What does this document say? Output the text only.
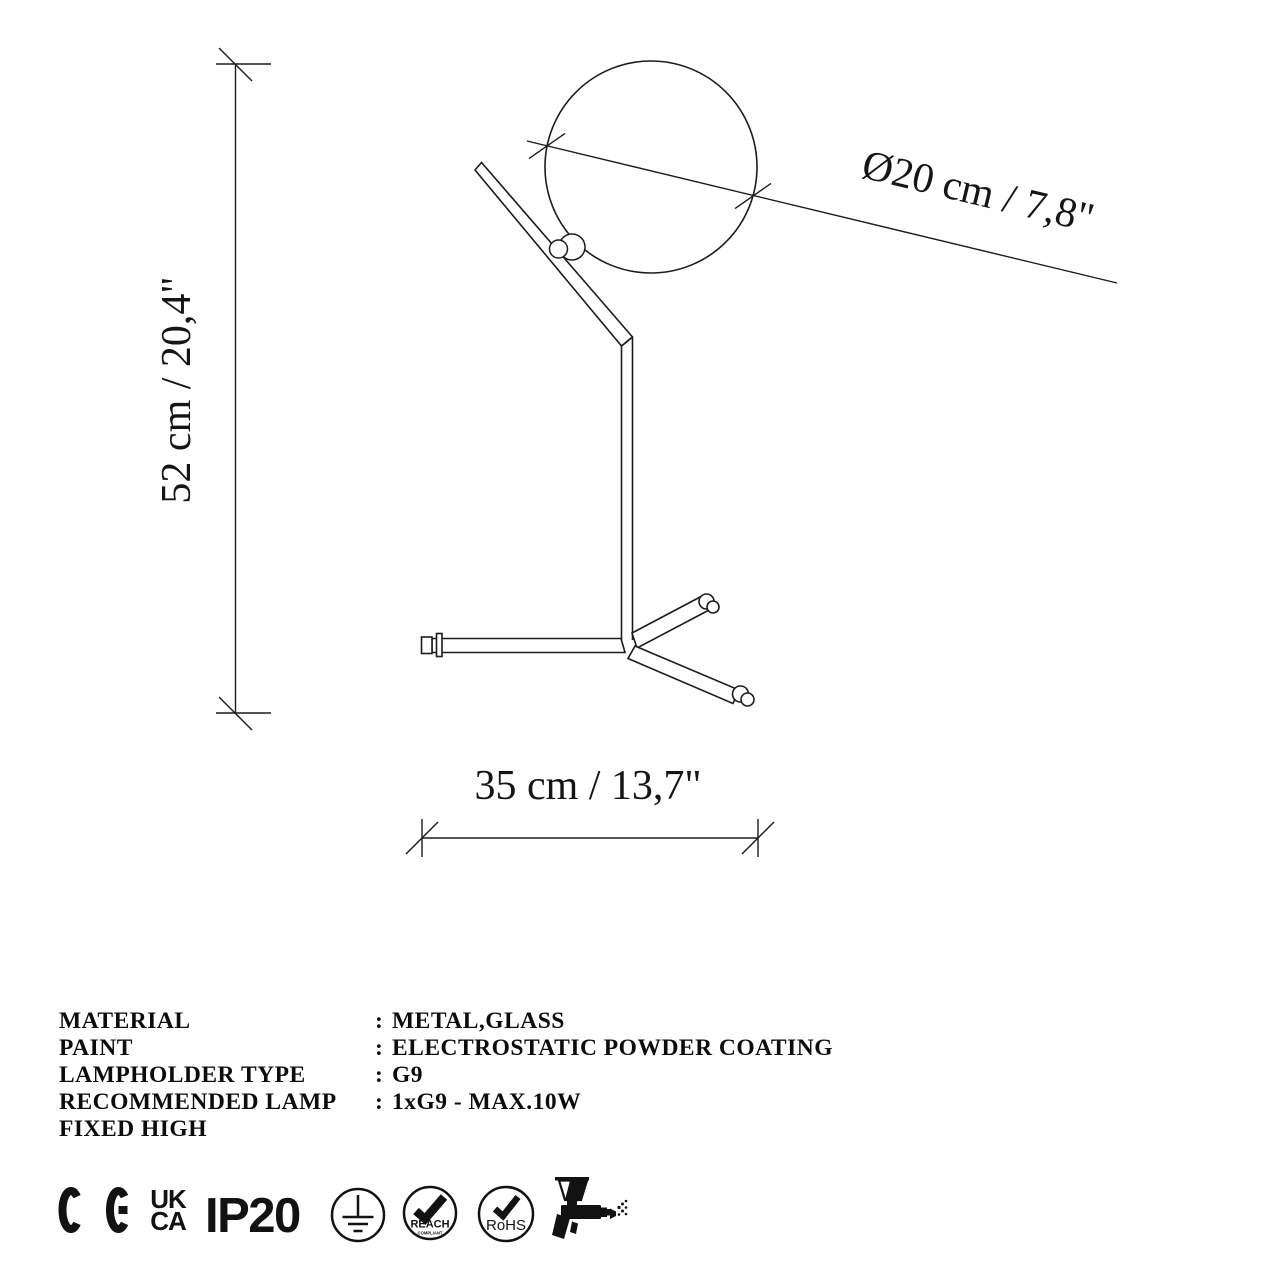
52 cm / 20,4"
Ø20 cm / 7,8"
35 cm / 13,7"
MATERIAL	: METAL,GLASS
PAINT	: ELECTROSTATIC POWDER COATING
LAMPHOLDER TYPE	: G9
RECOMMENDED LAMP	: 1xG9 - MAX.10W
FIXED HIGH
UK
CA IP20	REACH
COMPLIANT	RoHS
